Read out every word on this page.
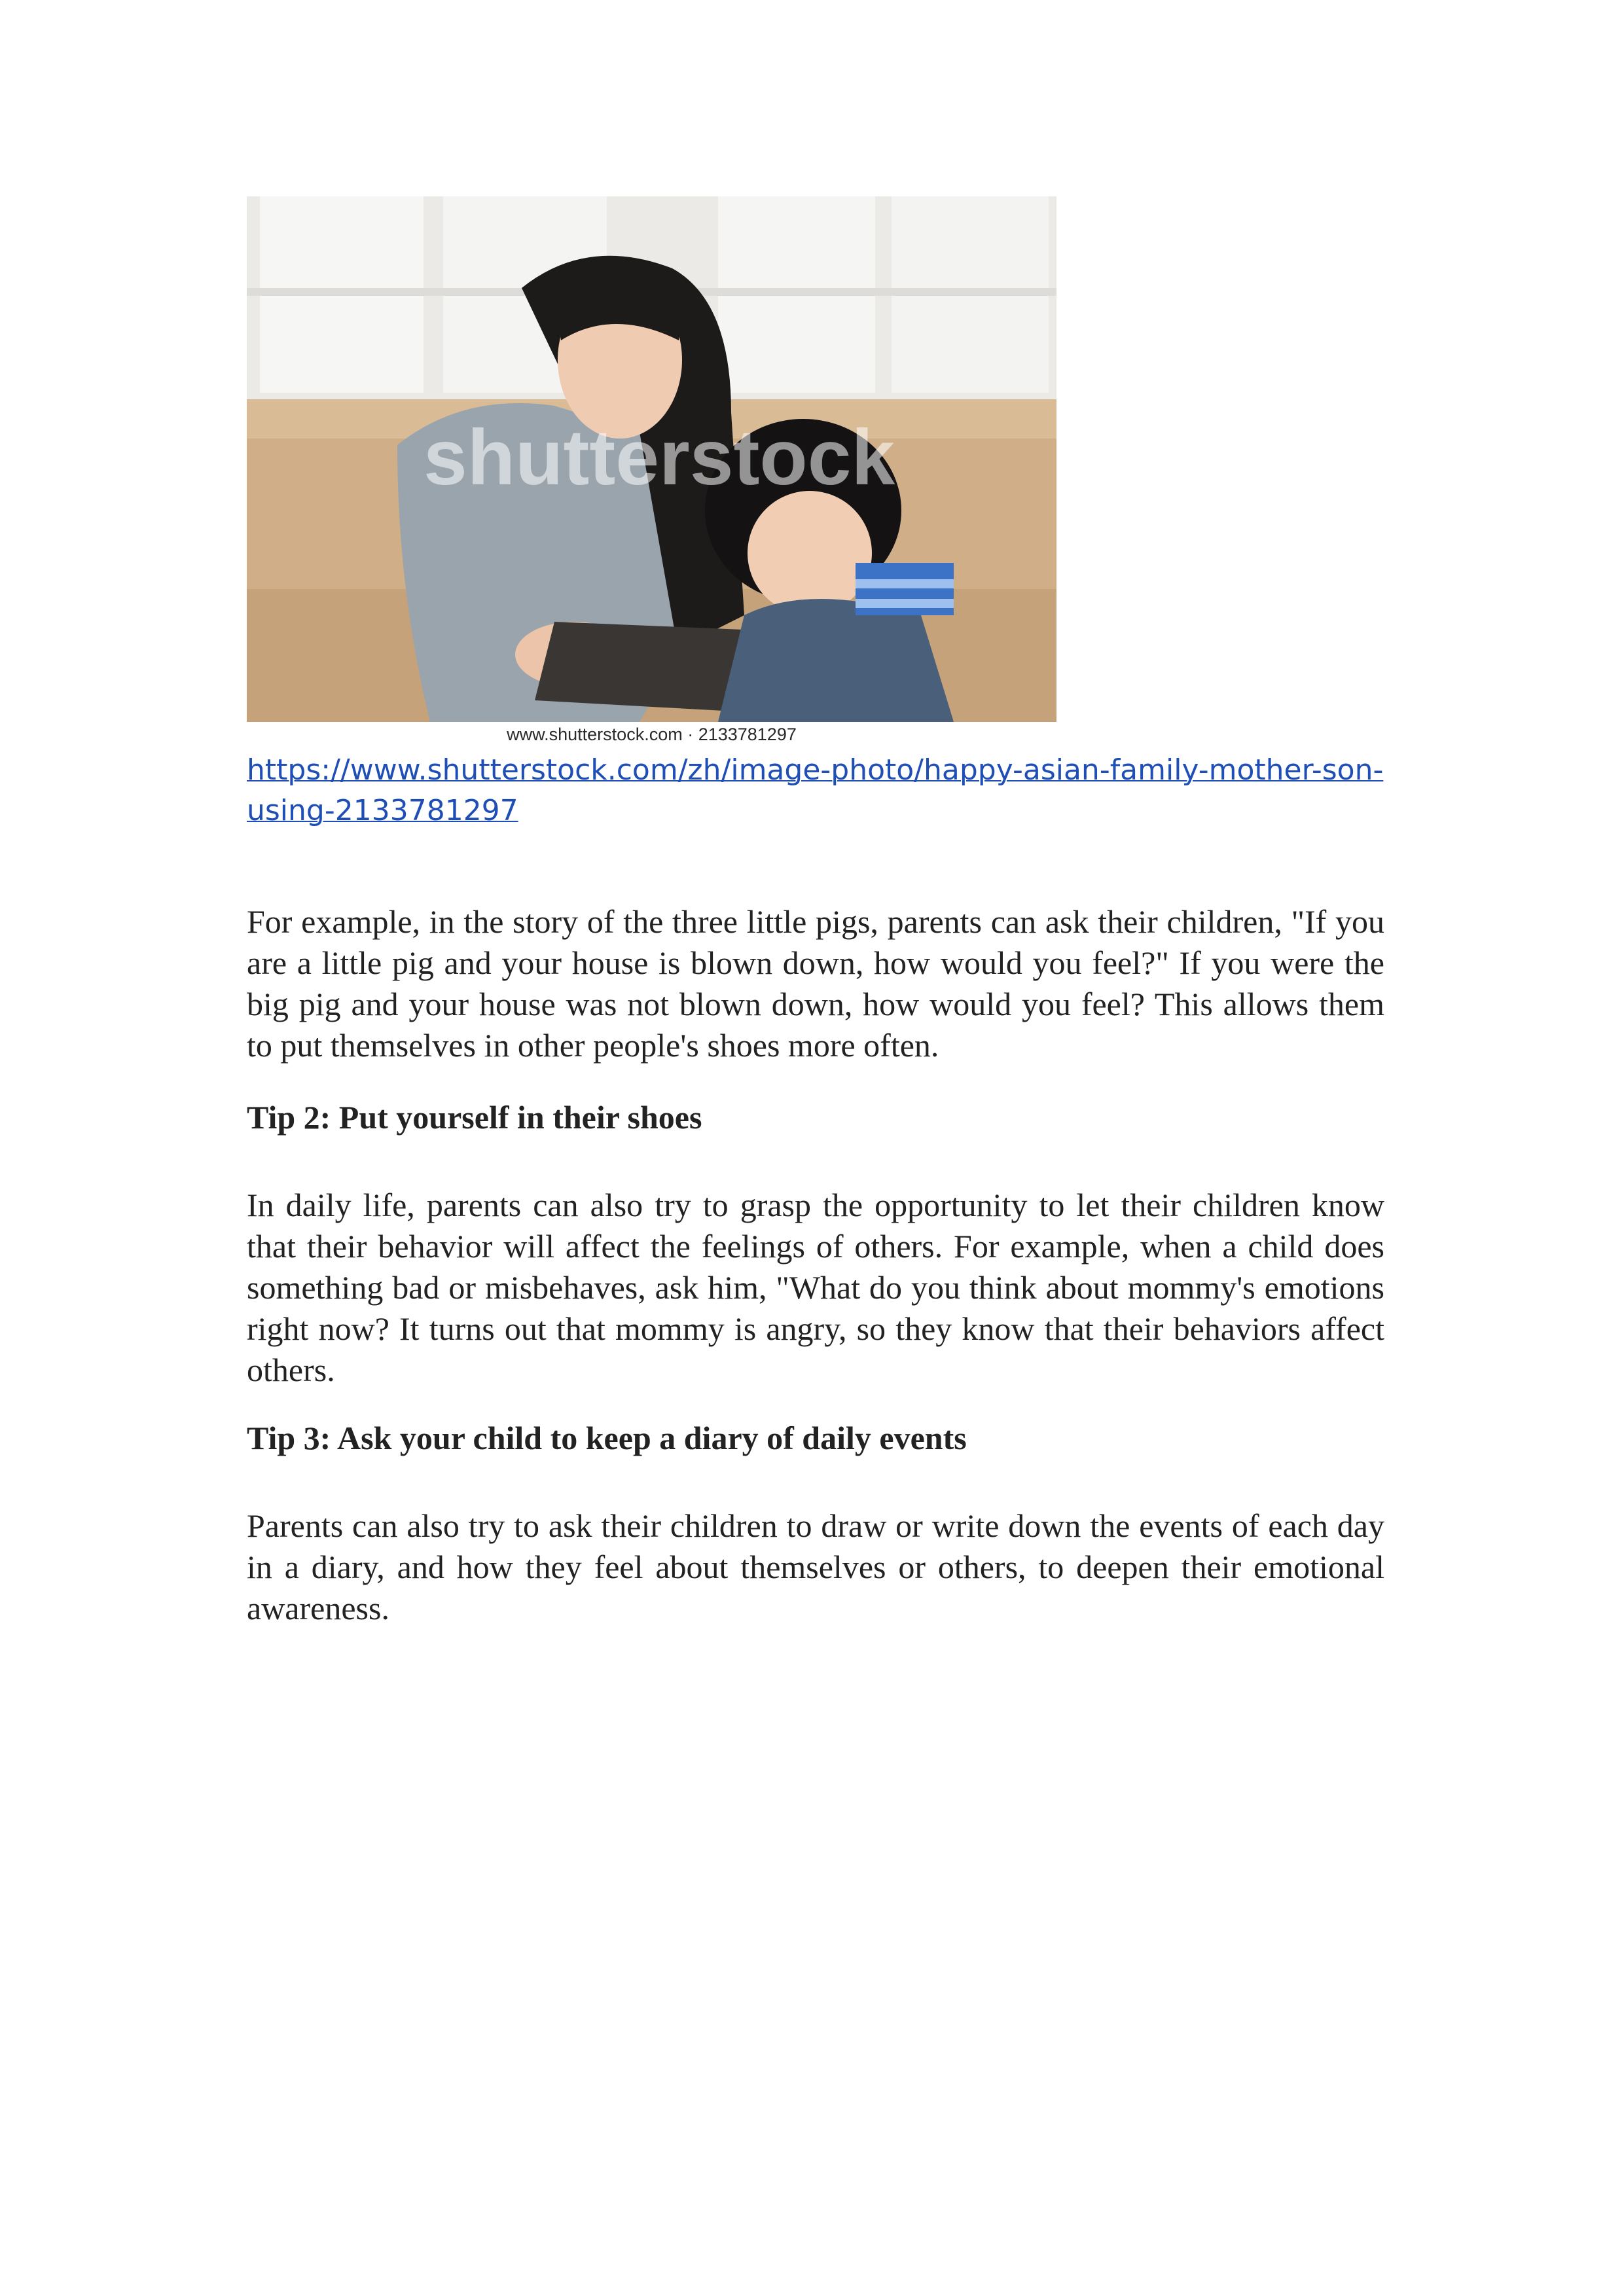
shutterstock
www.shutterstock.com · 2133781297
https://www.shutterstock.com/zh/image-photo/happy-asian-family-mother-son-using-2133781297

For example, in the story of the three little pigs, parents can ask their children, "If you are a little pig and your house is blown down, how would you feel?" If you were the big pig and your house was not blown down, how would you feel? This allows them to put themselves in other people's shoes more often.

Tip 2: Put yourself in their shoes

In daily life, parents can also try to grasp the opportunity to let their children know that their behavior will affect the feelings of others. For example, when a child does something bad or misbehaves, ask him, "What do you think about mommy's emotions right now? It turns out that mommy is angry, so they know that their behaviors affect others.

Tip 3: Ask your child to keep a diary of daily events

Parents can also try to ask their children to draw or write down the events of each day in a diary, and how they feel about themselves or others, to deepen their emotional awareness.
